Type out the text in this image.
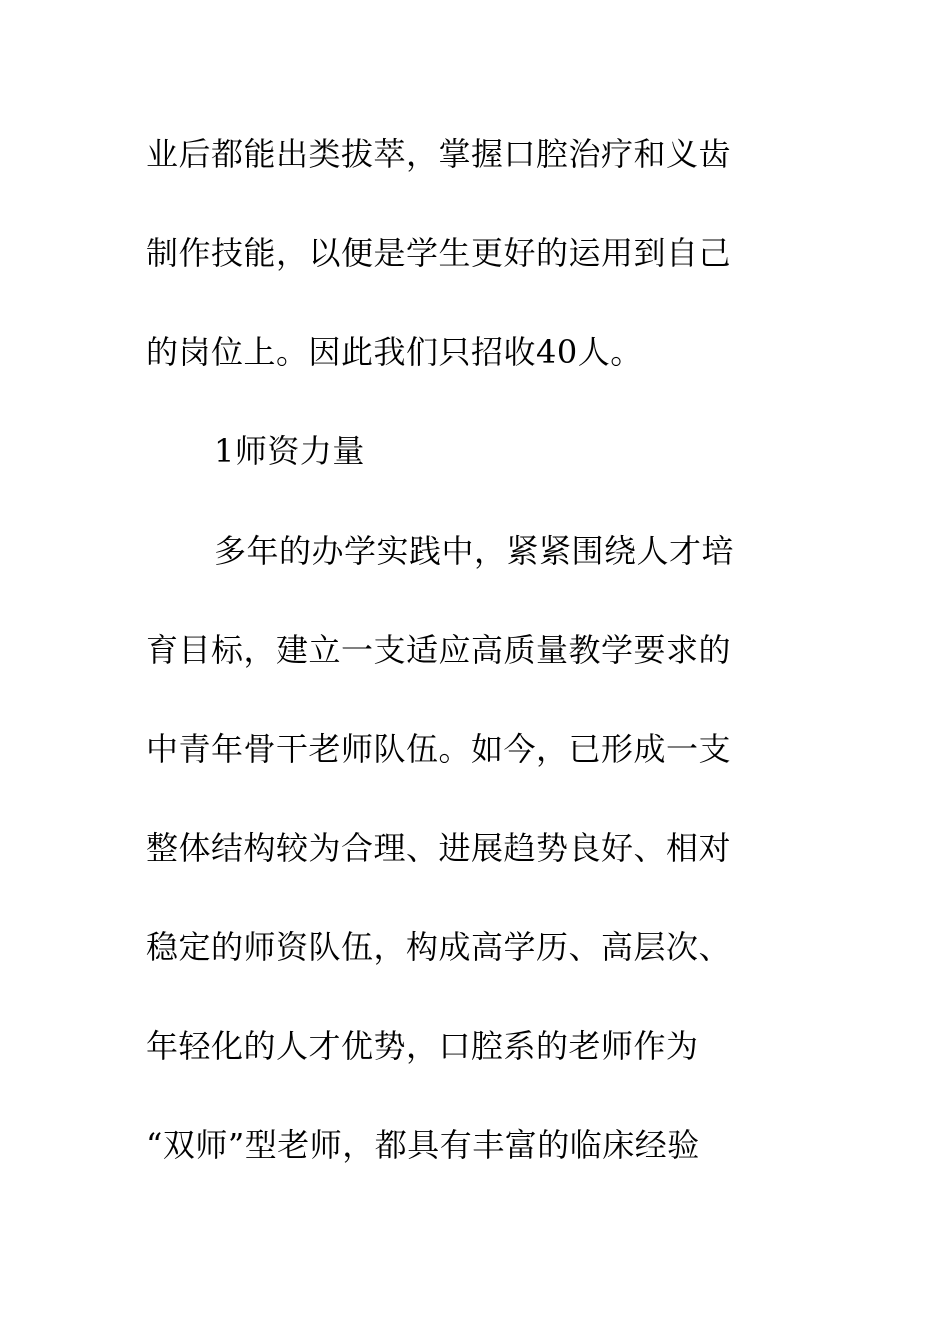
业后都能出类拔萃，掌握口腔治疗和义齿
制作技能，以便是学生更好的运用到自己
的岗位上。因此我们只招收40人。
1师资力量
多年的办学实践中，紧紧围绕人才培
育目标，建立一支适应高质量教学要求的
中青年骨干老师队伍。如今，已形成一支
整体结构较为合理、进展趋势良好、相对
稳定的师资队伍，构成高学历、高层次、
年轻化的人才优势，口腔系的老师作为
“双师”型老师，都具有丰富的临床经验
